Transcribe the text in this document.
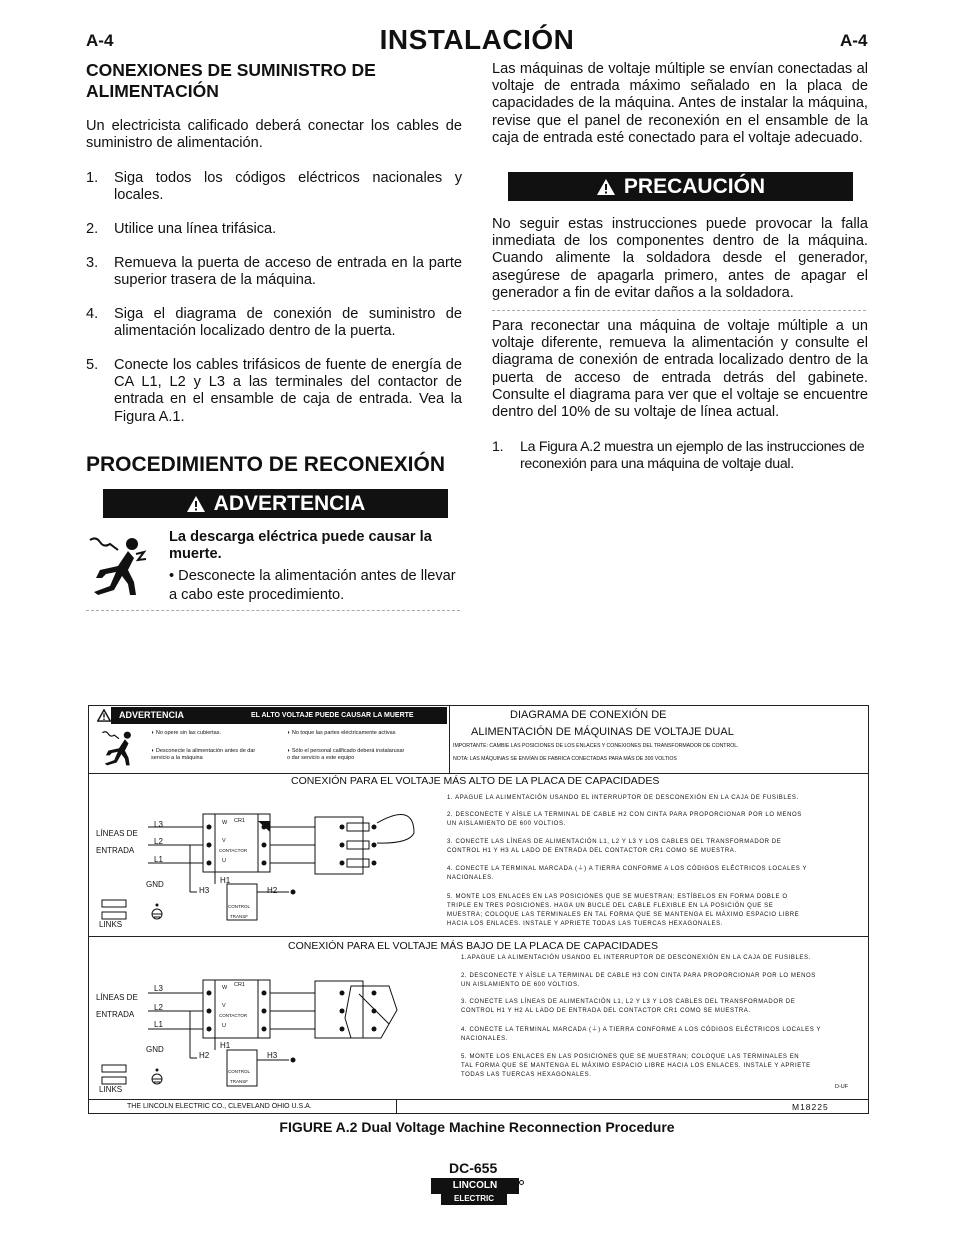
A-4	INSTALACIÓN	A-4
CONEXIONES DE SUMINISTRO DE ALIMENTACIÓN
Un electricista calificado deberá conectar los cables de suministro de alimentación.
1. Siga todos los códigos eléctricos nacionales y locales.
2. Utilice una línea trifásica.
3. Remueva la puerta de acceso de entrada en la parte superior trasera de la máquina.
4. Siga el diagrama de conexión de suministro de alimentación localizado dentro de la puerta.
5. Conecte los cables trifásicos de fuente de energía de CA L1, L2 y L3 a las terminales del contactor de entrada en el ensamble de caja de entrada. Vea la Figura A.1.
PROCEDIMIENTO DE RECONEXIÓN
ADVERTENCIA
La descarga eléctrica puede causar la muerte.
• Desconecte la alimentación antes de llevar a cabo este procedimiento.
Las máquinas de voltaje múltiple se envían conectadas al voltaje de entrada máximo señalado en la placa de capacidades de la máquina. Antes de instalar la máquina, revise que el panel de reconexión en el ensamble de la caja de entrada esté conectado para el voltaje adecuado.
PRECAUCIÓN
No seguir estas instrucciones puede provocar la falla inmediata de los componentes dentro de la máquina. Cuando alimente la soldadora desde el generador, asegúrese de apagarla primero, antes de apagar el generador a fin de evitar daños a la soldadora.
Para reconectar una máquina de voltaje múltiple a un voltaje diferente, remueva la alimentación y consulte el diagrama de conexión de entrada localizado dentro de la puerta de acceso de entrada detrás del gabinete. Consulte el diagrama para ver que el voltaje se encuentre dentro del 10% de su voltaje de línea actual.
1. La Figura A.2 muestra un ejemplo de las instrucciones de reconexión para una máquina de voltaje dual.
ADVERTENCIA	EL ALTO VOLTAJE PUEDE CAUSAR LA MUERTE
◗ No opere sin las cubiertas.
◗ Desconecte la alimentación antes de dar servicio a la máquina
◗ No toque las partes eléctricamente activas
◗ Sólo el personal calificado deberá instalarusar o dar servicio a este equipo
DIAGRAMA DE CONEXIÓN DE
ALIMENTACIÓN DE MÁQUINAS DE VOLTAJE DUAL
IMPORTANTE: CAMBIE LAS POSICIONES DE LOS ENLACES Y CONEXIONES DEL TRANSFORMADOR DE CONTROL.
NOTA: LAS MÁQUINAS SE ENVÍAN DE FABRICA CONECTADAS PARA MÁS DE 300 VOLTIOS
CONEXIÓN PARA EL VOLTAJE MÁS ALTO DE LA PLACA DE CAPACIDADES
LÍNEAS DE
ENTRADA
L3
L2
L1
GND
LINKS
CR1
W
V
CONTACTOR
U
H1
H3	H2
CONTROL
TRANSF
1. APAGUE LA ALIMENTACIÓN USANDO EL INTERRUPTOR DE DESCONEXIÓN EN LA CAJA DE FUSIBLES.
2. DESCONECTE Y AÍSLE LA TERMINAL DE CABLE H2 CON CINTA PARA PROPORCIONAR POR LO MENOS UN AISLAMIENTO DE 600 VOLTIOS.
3. CONECTE LAS LÍNEAS DE ALIMENTACIÓN L1, L2 Y L3 Y LOS CABLES DEL TRANSFORMADOR DE CONTROL H1 Y H3 AL LADO DE ENTRADA DEL CONTACTOR CR1 COMO SE MUESTRA.
4. CONECTE LA TERMINAL MARCADA (⏚) A TIERRA CONFORME A LOS CÓDIGOS ELÉCTRICOS LOCALES Y NACIONALES.
5. MONTE LOS ENLACES EN LAS POSICIONES QUE SE MUESTRAN; ESTÍBELOS EN FORMA DOBLE O TRIPLE EN TRES POSICIONES. HAGA UN BUCLE DEL CABLE FLEXIBLE EN LA POSICIÓN QUE SE MUESTRA; COLOQUE LAS TERMINALES EN TAL FORMA QUE SE MANTENGA EL MÁXIMO ESPACIO LIBRE HACIA LOS ENLACES. INSTALE Y APRIETE TODAS LAS TUERCAS HEXAGONALES.
CONEXIÓN PARA EL VOLTAJE MÁS BAJO DE LA PLACA DE CAPACIDADES
LÍNEAS DE
ENTRADA
L3
L2
L1
GND
LINKS
CR1
W
V
CONTACTOR
U
H1
H2	H3
CONTROL
TRANSF
1.APAGUE LA ALIMENTACIÓN USANDO EL INTERRUPTOR DE DESCONEXIÓN EN LA CAJA DE FUSIBLES.
2. DESCONECTE Y AÍSLE LA TERMINAL DE CABLE H3 CON CINTA PARA PROPORCIONAR POR LO MENOS UN AISLAMIENTO DE 600 VOLTIOS.
3. CONECTE LAS LÍNEAS DE ALIMENTACIÓN L1, L2 Y L3 Y LOS CABLES DEL TRANSFORMADOR DE CONTROL H1 Y H2 AL LADO DE ENTRADA DEL CONTACTOR CR1 COMO SE MUESTRA.
4. CONECTE LA TERMINAL MARCADA (⏚) A TIERRA CONFORME A LOS CÓDIGOS ELÉCTRICOS LOCALES Y NACIONALES.
5. MONTE LOS ENLACES EN LAS POSICIONES QUE SE MUESTRAN; COLOQUE LAS TERMINALES EN TAL FORMA QUE SE MANTENGA EL MÁXIMO ESPACIO LIBRE HACIA LOS ENLACES. INSTALE Y APRIETE TODAS LAS TUERCAS HEXAGONALES.
D-UF
THE LINCOLN ELECTRIC CO., CLEVELAND OHIO U.S.A.	M18225
FIGURE A.2 Dual Voltage Machine Reconnection Procedure
DC-655
LINCOLN
ELECTRIC
